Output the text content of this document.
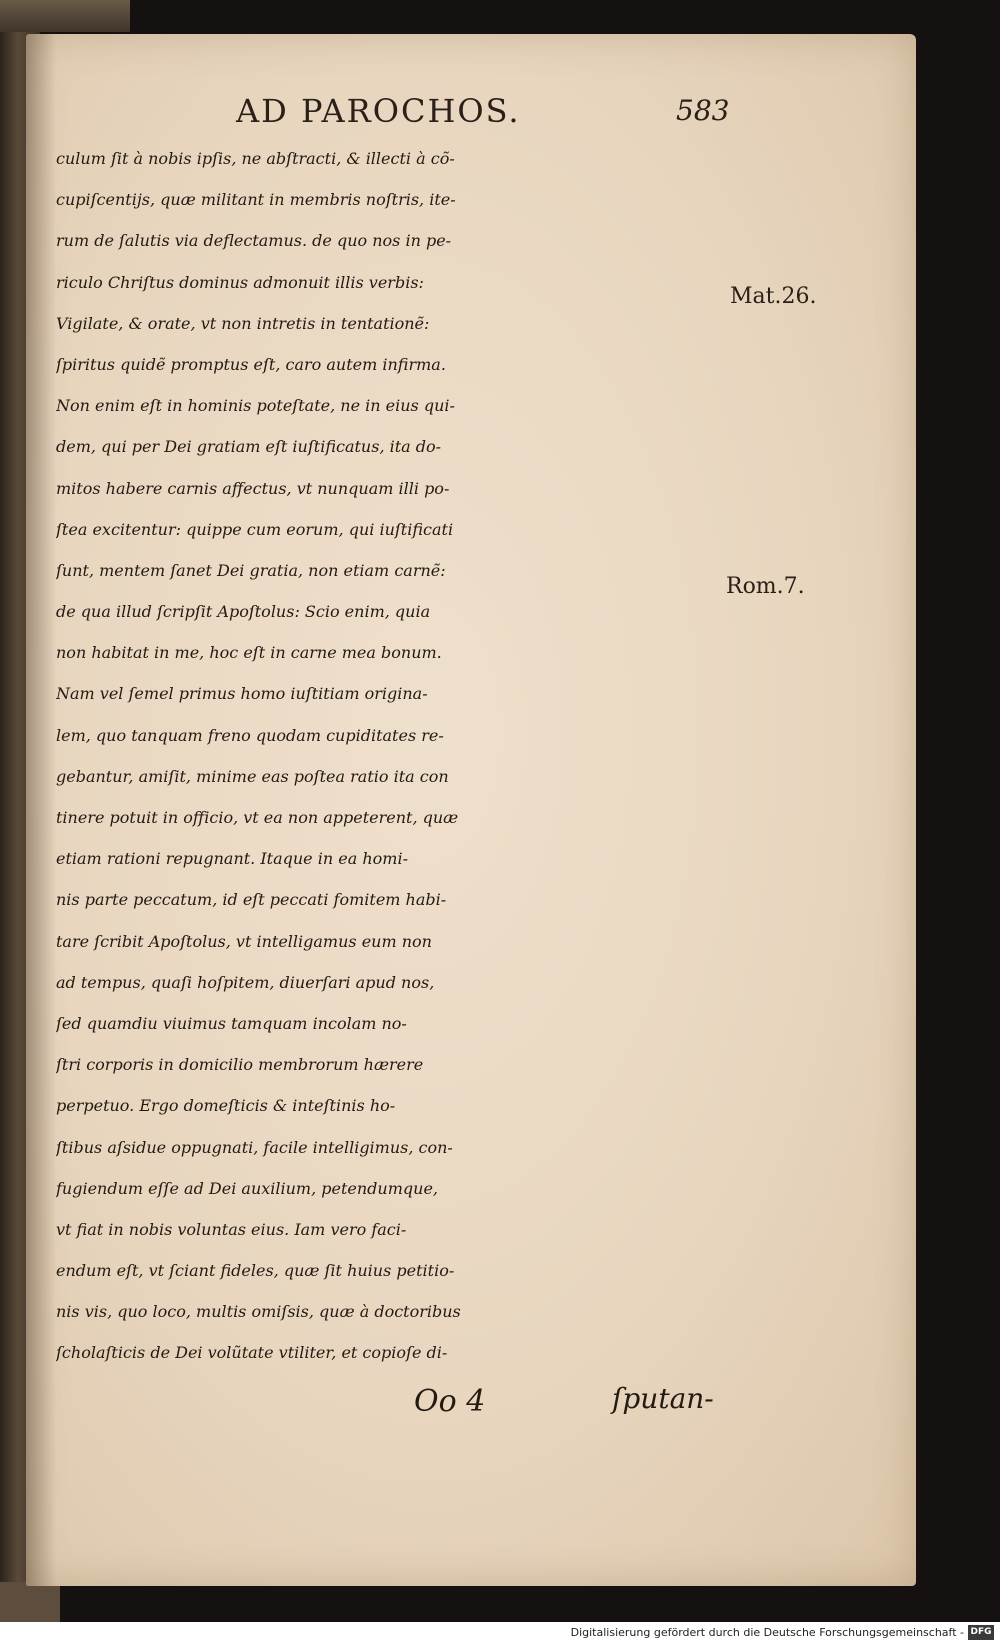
AD PAROCHOS.	583
culum ſit à nobis ipſis, ne abſtracti, & illecti à cõ-
cupiſcentijs, quæ militant in membris noſtris, ite-
rum de ſalutis via deflectamus. de quo nos in pe-
riculo Chriſtus dominus admonuit illis verbis:
Vigilate, & orate, vt non intretis in tentationẽ:
ſpiritus quidẽ promptus eſt, caro autem infirma.
Non enim eſt in hominis poteſtate, ne in eius qui-
dem, qui per Dei gratiam eſt iuſtificatus, ita do-
mitos habere carnis affectus, vt nunquam illi po-
ſtea excitentur: quippe cum eorum, qui iuſtificati
ſunt, mentem ſanet Dei gratia, non etiam carnẽ:
de qua illud ſcripſit Apoſtolus: Scio enim, quia
non habitat in me, hoc eſt in carne mea bonum.
Nam vel ſemel primus homo iuſtitiam origina-
lem, quo tanquam freno quodam cupiditates re-
gebantur, amiſit, minime eas poſtea ratio ita con
tinere potuit in officio, vt ea non appeterent, quæ
etiam rationi repugnant. Itaque in ea homi-
nis parte peccatum, id eſt peccati fomitem habi-
tare ſcribit Apoſtolus, vt intelligamus eum non
ad tempus, quaſi hoſpitem, diuerſari apud nos,
ſed quamdiu viuimus tamquam incolam no-
ſtri corporis in domicilio membrorum hærere
perpetuo. Ergo domeſticis & inteſtinis ho-
ſtibus aſsidue oppugnati, facile intelligimus, con-
fugiendum eſſe ad Dei auxilium, petendumque,
vt fiat in nobis voluntas eius. Iam vero faci-
endum eſt, vt ſciant fideles, quæ ſit huius petitio-
nis vis, quo loco, multis omiſsis, quæ à doctoribus
ſcholaſticis de Dei volũtate vtiliter, et copioſe di-
Mat.26.
Rom.7.
Oo 4	ſputan-
Digitalisierung gefördert durch die Deutsche Forschungsgemeinschaft - DFG
